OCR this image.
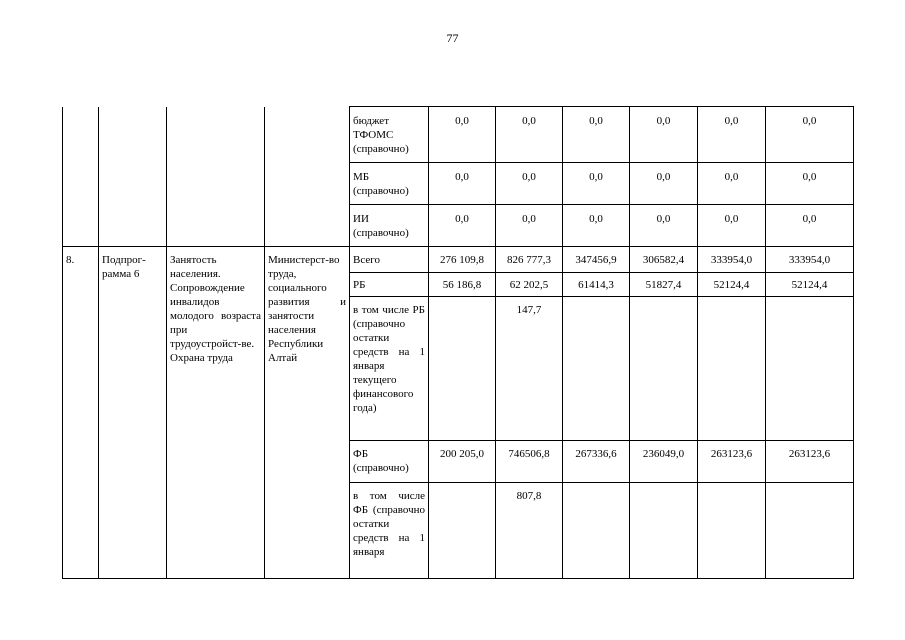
77
				бюджет ТФОМС (справочно)	0,0	0,0	0,0	0,0	0,0	0,0
				МБ (справочно)	0,0	0,0	0,0	0,0	0,0	0,0
				ИИ (справочно)	0,0	0,0	0,0	0,0	0,0	0,0
8.	Подпрог-рамма 6	Занятость населения. Сопровождение инвалидов молодого возраста при трудоустройст-ве. Охрана труда	Министерст-во труда, социального развития и занятости населения Республики Алтай	Всего	276 109,8	826 777,3	347456,9	306582,4	333954,0	333954,0
				РБ	56 186,8	62 202,5	61414,3	51827,4	52124,4	52124,4
				в том числе РБ (справочно остатки средств на 1 января текущего финансового года)		147,7				
				ФБ (справочно)	200 205,0	746506,8	267336,6	236049,0	263123,6	263123,6
				в том числе ФБ (справочно остатки средств на 1 января		807,8				
